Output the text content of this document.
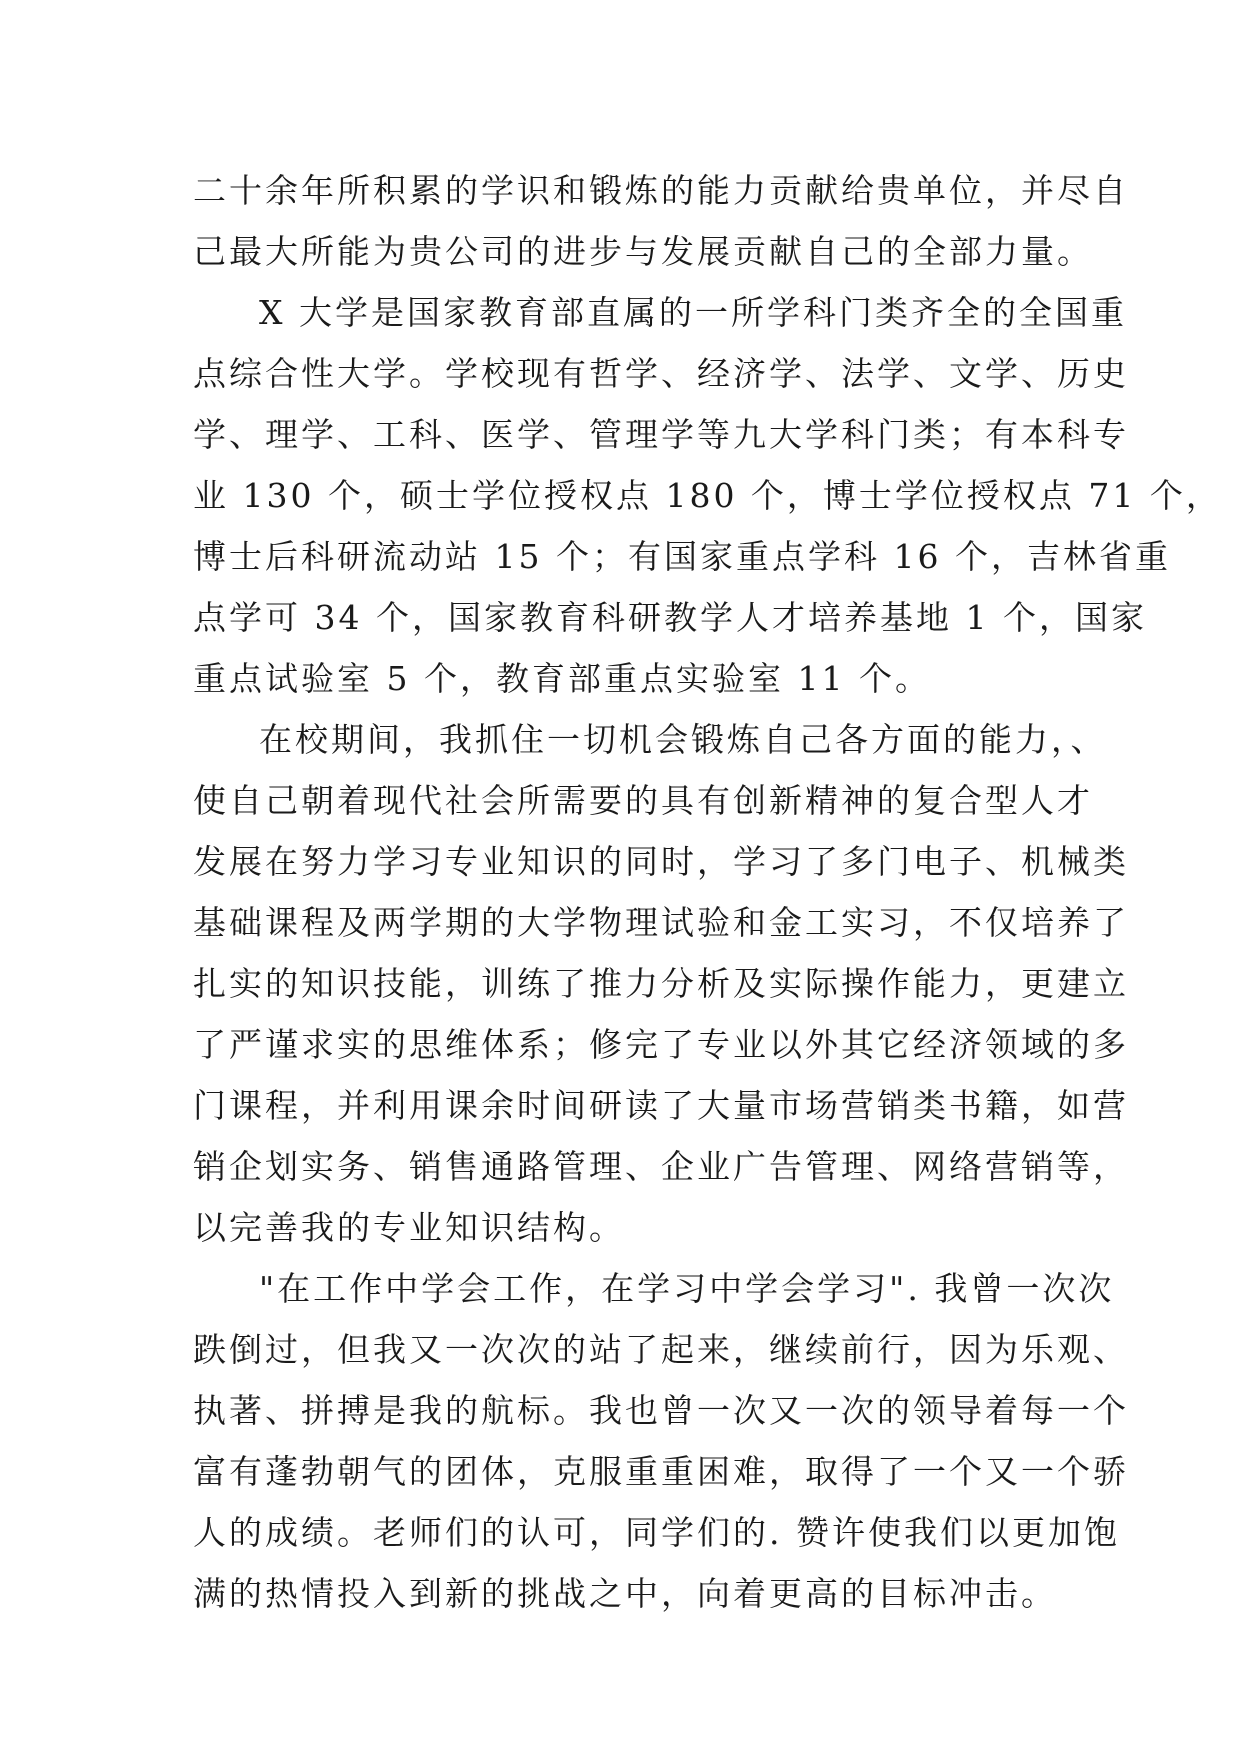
二十余年所积累的学识和锻炼的能力贡献给贵单位，并尽自
己最大所能为贵公司的进步与发展贡献自己的全部力量。
X 大学是国家教育部直属的一所学科门类齐全的全国重
点综合性大学。学校现有哲学、经济学、法学、文学、历史
学、理学、工科、医学、管理学等九大学科门类；有本科专
业 130 个，硕士学位授权点 180 个，博士学位授权点 71 个，
博士后科研流动站 15 个；有国家重点学科 16 个，吉林省重
点学可 34 个，国家教育科研教学人才培养基地 1 个，国家
重点试验室 5 个，教育部重点实验室 11 个。
在校期间，我抓住一切机会锻炼自己各方面的能力，、
使自己朝着现代社会所需要的具有创新精神的复合型人才
发展在努力学习专业知识的同时，学习了多门电子、机械类
基础课程及两学期的大学物理试验和金工实习，不仅培养了
扎实的知识技能，训练了推力分析及实际操作能力，更建立
了严谨求实的思维体系；修完了专业以外其它经济领域的多
门课程，并利用课余时间研读了大量市场营销类书籍，如营
销企划实务、销售通路管理、企业广告管理、网络营销等，
以完善我的专业知识结构。
"在工作中学会工作，在学习中学会学习". 我曾一次次
跌倒过，但我又一次次的站了起来，继续前行，因为乐观、
执著、拼搏是我的航标。我也曾一次又一次的领导着每一个
富有蓬勃朝气的团体，克服重重困难，取得了一个又一个骄
人的成绩。老师们的认可，同学们的. 赞许使我们以更加饱
满的热情投入到新的挑战之中，向着更高的目标冲击。
